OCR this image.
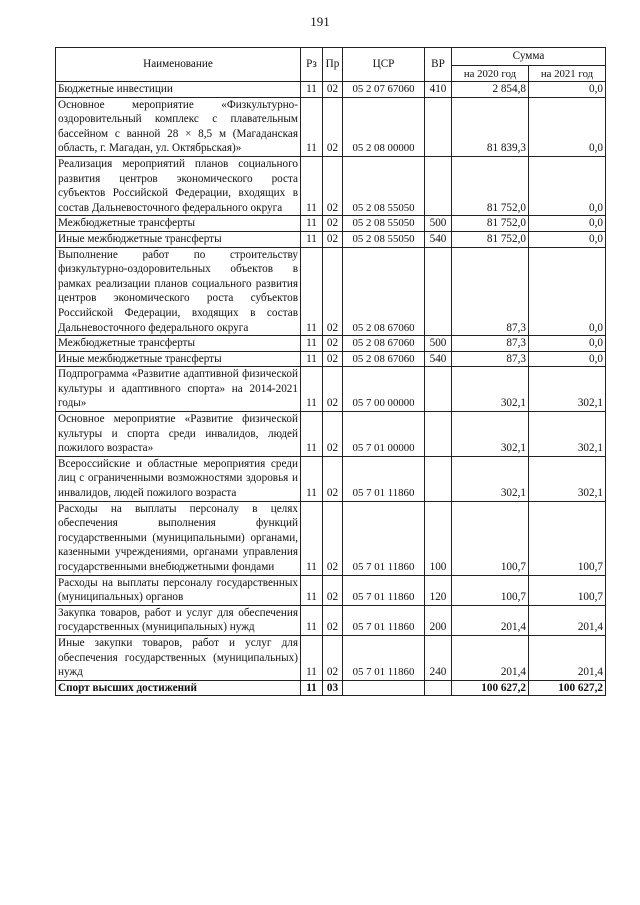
191
Наименование	Рз	Пр	ЦСР	ВР	Сумма	
					на 2020 год	на 2021 год
Бюджетные инвестиции	11	02	05 2 07 67060	410	2 854,8	0,0
Основное мероприятие «Физкультурно-оздоровительный комплекс с плавательным бассейном с ванной 28 × 8,5 м (Магаданская область, г. Магадан, ул. Октябрьская)»	11	02	05 2 08 00000		81 839,3	0,0
Реализация мероприятий планов социального развития центров экономического роста субъектов Российской Федерации, входящих в состав Дальневосточного федерального округа	11	02	05 2 08 55050		81 752,0	0,0
Межбюджетные трансферты	11	02	05 2 08 55050	500	81 752,0	0,0
Иные межбюджетные трансферты	11	02	05 2 08 55050	540	81 752,0	0,0
Выполнение работ по строительству физкультурно-оздоровительных объектов в рамках реализации планов социального развития центров экономического роста субъектов Российской Федерации, входящих в состав Дальневосточного федерального округа	11	02	05 2 08 67060		87,3	0,0
Межбюджетные трансферты	11	02	05 2 08 67060	500	87,3	0,0
Иные межбюджетные трансферты	11	02	05 2 08 67060	540	87,3	0,0
Подпрограмма «Развитие адаптивной физической культуры и адаптивного спорта» на 2014-2021 годы»	11	02	05 7 00 00000		302,1	302,1
Основное мероприятие «Развитие физической культуры и спорта среди инвалидов, людей пожилого возраста»	11	02	05 7 01 00000		302,1	302,1
Всероссийские и областные мероприятия среди лиц с ограниченными возможностями здоровья и инвалидов, людей пожилого возраста	11	02	05 7 01 11860		302,1	302,1
Расходы на выплаты персоналу в целях обеспечения выполнения функций государственными (муниципальными) органами, казенными учреждениями, органами управления государственными внебюджетными фондами	11	02	05 7 01 11860	100	100,7	100,7
Расходы на выплаты персоналу государственных (муниципальных) органов	11	02	05 7 01 11860	120	100,7	100,7
Закупка товаров, работ и услуг для обеспечения государственных (муниципальных) нужд	11	02	05 7 01 11860	200	201,4	201,4
Иные закупки товаров, работ и услуг для обеспечения государственных (муниципальных) нужд	11	02	05 7 01 11860	240	201,4	201,4
Спорт высших достижений	11	03			100 627,2	100 627,2
